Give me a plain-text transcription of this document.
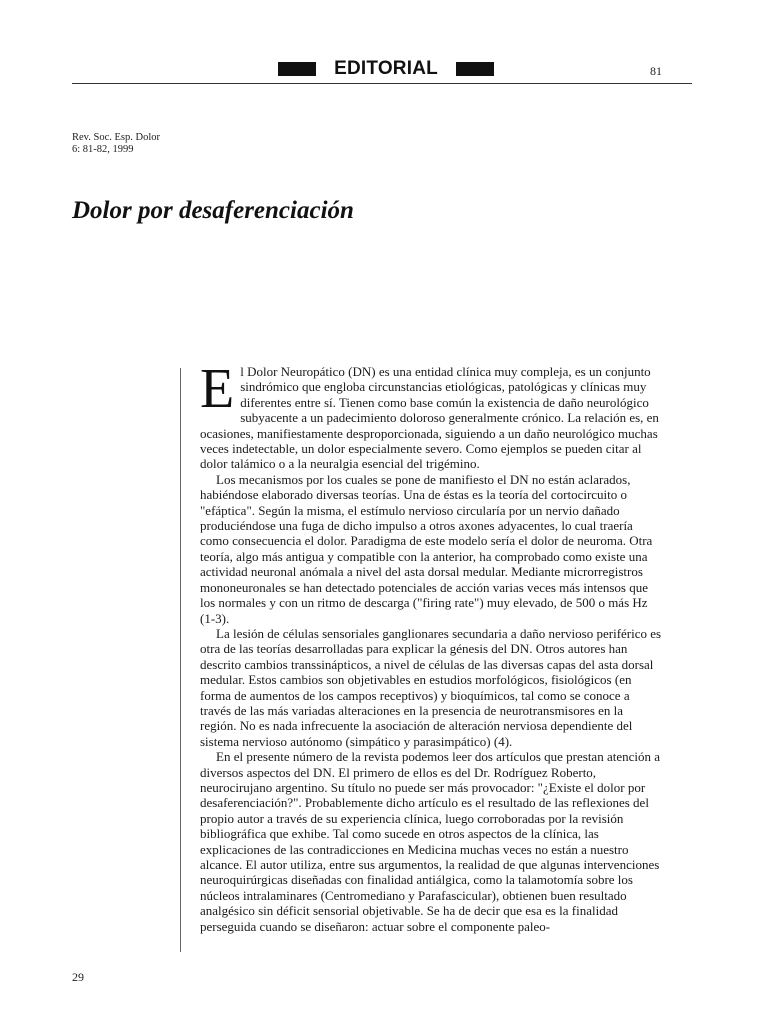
EDITORIAL	81
Rev. Soc. Esp. Dolor
6: 81-82, 1999
Dolor por desaferenciación

El Dolor Neuropático (DN) es una entidad clínica muy compleja, es un conjunto sindrómico que engloba circunstancias etiológicas, patológicas y clínicas muy diferentes entre sí. Tienen como base común la existencia de daño neurológico subyacente a un padecimiento doloroso generalmente crónico. La relación es, en ocasiones, manifiestamente desproporcionada, siguiendo a un daño neurológico muchas veces indetectable, un dolor especialmente severo. Como ejemplos se pueden citar al dolor talámico o a la neuralgia esencial del trigémino.

Los mecanismos por los cuales se pone de manifiesto el DN no están aclarados, habiéndose elaborado diversas teorías. Una de éstas es la teoría del cortocircuito o "efáptica". Según la misma, el estímulo nervioso circularía por un nervio dañado produciéndose una fuga de dicho impulso a otros axones adyacentes, lo cual traería como consecuencia el dolor. Paradigma de este modelo sería el dolor de neuroma. Otra teoría, algo más antigua y compatible con la anterior, ha comprobado como existe una actividad neuronal anómala a nivel del asta dorsal medular. Mediante microrregistros mononeuronales se han detectado potenciales de acción varias veces más intensos que los normales y con un ritmo de descarga ("firing rate") muy elevado, de 500 o más Hz (1-3).

La lesión de células sensoriales ganglionares secundaria a daño nervioso periférico es otra de las teorías desarrolladas para explicar la génesis del DN. Otros autores han descrito cambios transsinápticos, a nivel de células de las diversas capas del asta dorsal medular. Estos cambios son objetivables en estudios morfológicos, fisiológicos (en forma de aumentos de los campos receptivos) y bioquímicos, tal como se conoce a través de las más variadas alteraciones en la presencia de neurotransmisores en la región. No es nada infrecuente la asociación de alteración nerviosa dependiente del sistema nervioso autónomo (simpático y parasimpático) (4).

En el presente número de la revista podemos leer dos artículos que prestan atención a diversos aspectos del DN. El primero de ellos es del Dr. Rodríguez Roberto, neurocirujano argentino. Su título no puede ser más provocador: "¿Existe el dolor por desaferenciación?". Probablemente dicho artículo es el resultado de las reflexiones del propio autor a través de su experiencia clínica, luego corroboradas por la revisión bibliográfica que exhibe. Tal como sucede en otros aspectos de la clínica, las explicaciones de las contradicciones en Medicina muchas veces no están a nuestro alcance. El autor utiliza, entre sus argumentos, la realidad de que algunas intervenciones neuroquirúrgicas diseñadas con finalidad antiálgica, como la talamotomía sobre los núcleos intralaminares (Centromediano y Parafascicular), obtienen buen resultado analgésico sin déficit sensorial objetivable. Se ha de decir que esa es la finalidad perseguida cuando se diseñaron: actuar sobre el componente paleo-

29
